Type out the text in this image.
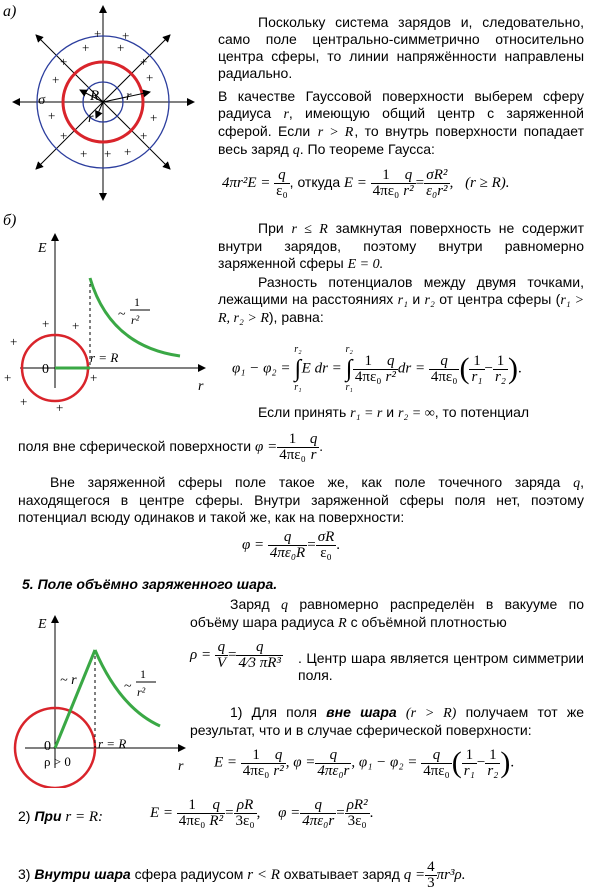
а)
б)
σ	R r
r
+ +
+
+
+
+
+
+
+
+ + +
+
+
+
E
r
0
r = R
~
1
r²
+ +
+
+
+ +
+
E
r
0
ρ > 0
r = R
~ r	~
1
r²
Поскольку система зарядов и, следовательно, само поле центрально-симметрично относительно центра сферы, то линии напряжённости направлены радиально.
В качестве Гауссовой поверхности выберем сферу радиуса r, имеющую общий центр с заряженной сферой. Если r > R, то внутрь поверхности попадает весь заряд q. По теореме Гаусса:
$4\pi r^2E = \frac{q}{\text{ε₀}}$ , откуда $E = \frac{1}{\text{4πε₀}} \frac{q}{\text{r²}} = \frac{\text{σR²}}{\text{ε₀r²}}$ , (r ≥ R).
При r ≤ R замкнутая поверхность не содержит внутри зарядов, поэтому внутри равномерно заряженной сферы E = 0.
Разность потенциалов между двумя точками, лежащими на расстояниях r₁ и r₂ от центра сферы (r₁ > R, r₂ > R), равна:
φ₁ − φ₂ =
r₂
∫
r₁
E dr =
r₂
∫
r₁
$\frac{1}{\text{4πε₀}} \frac{q}{\text{r²}}$ dr = $\frac{q}{\text{4πε₀}}$ ( $\frac{1}{\text{r₁}} - \frac{1}{\text{r₂}}$ ).
Если принять r₁ = r и r₂ = ∞, то потенциал
поля вне сферической поверхности $\varphi = \frac{1}{\text{4πε₀}} \frac{q}{r}$ .
Вне заряженной сферы поле такое же, как поле точечного заряда q, находящегося в центре сферы. Внутри заряженной сферы поля нет, поэтому потенциал всюду одинаков и такой же, как на поверхности:
$\varphi = \frac{q}{\text{4πε₀R}} = \frac{\sigma R}{\text{ε₀}}$ .
5. Поле объёмно заряженного шара.
Заряд q равномерно распределён в вакууме по объёму шара радиуса R с объёмной плотностью
$\rho = \frac{q}{V} = \frac{q}{\text{4⁄3 πR³}}$ . Центр шара является центром симметрии поля.
1) Для поля вне шара (r > R) получаем тот же результат, что и в случае сферической поверхности:
$E = \frac{1}{\text{4πε₀}} \frac{q}{\text{r²}}$ , $\varphi = \frac{q}{\text{4πε₀r}}$ , $\varphi_1 - \varphi_2 = \frac{q}{\text{4πε₀}}$ ( $\frac{1}{\text{r₁}} - \frac{1}{\text{r₂}}$ ).
2) При r = R:	$E = \frac{1}{\text{4πε₀}} \frac{q}{\text{R²}} = \frac{\rho R}{\text{3ε₀}}$ , $\varphi = \frac{q}{\text{4πε₀r}} = \frac{\text{ρR²}}{\text{3ε₀}}$ .
3) Внутри шара сфера радиусом r < R охватывает заряд $q = \frac{4}{3} \pi r^3\rho$.
